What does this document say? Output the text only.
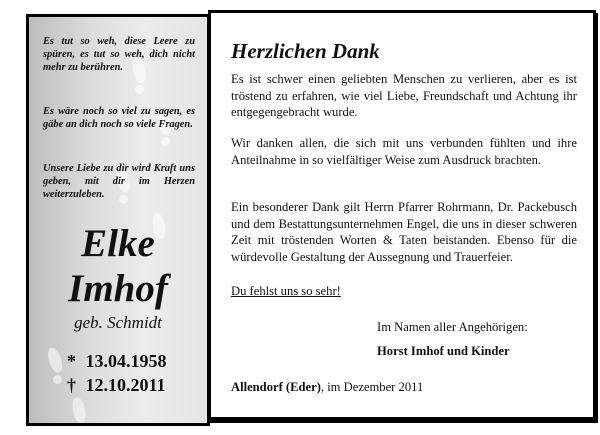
Es tut so weh, diese Leere zu spüren, es tut so weh, dich nicht mehr zu berühren.

Es wäre noch so viel zu sagen, es gäbe an dich noch so viele Fragen.

Unsere Liebe zu dir wird Kraft uns geben, mit dir im Herzen weiterzuleben.

Elke
Imhof
geb. Schmidt
* 13.04.1958
† 12.10.2011
Herzlichen Dank

Es ist schwer einen geliebten Menschen zu verlieren, aber es ist tröstend zu erfahren, wie viel Liebe, Freundschaft und Achtung ihr entgegengebracht wurde.

Wir danken allen, die sich mit uns verbunden fühlten und ihre Anteilnahme in so vielfältiger Weise zum Ausdruck brachten.

Ein besonderer Dank gilt Herrn Pfarrer Rohrmann, Dr. Packebusch und dem Bestattungsunternehmen Engel, die uns in dieser schweren Zeit mit tröstenden Worten & Taten beistanden. Ebenso für die würdevolle Gestaltung der Aussegnung und Trauerfeier.

Du fehlst uns so sehr!

Im Namen aller Angehörigen:

Horst Imhof und Kinder

Allendorf (Eder), im Dezember 2011
